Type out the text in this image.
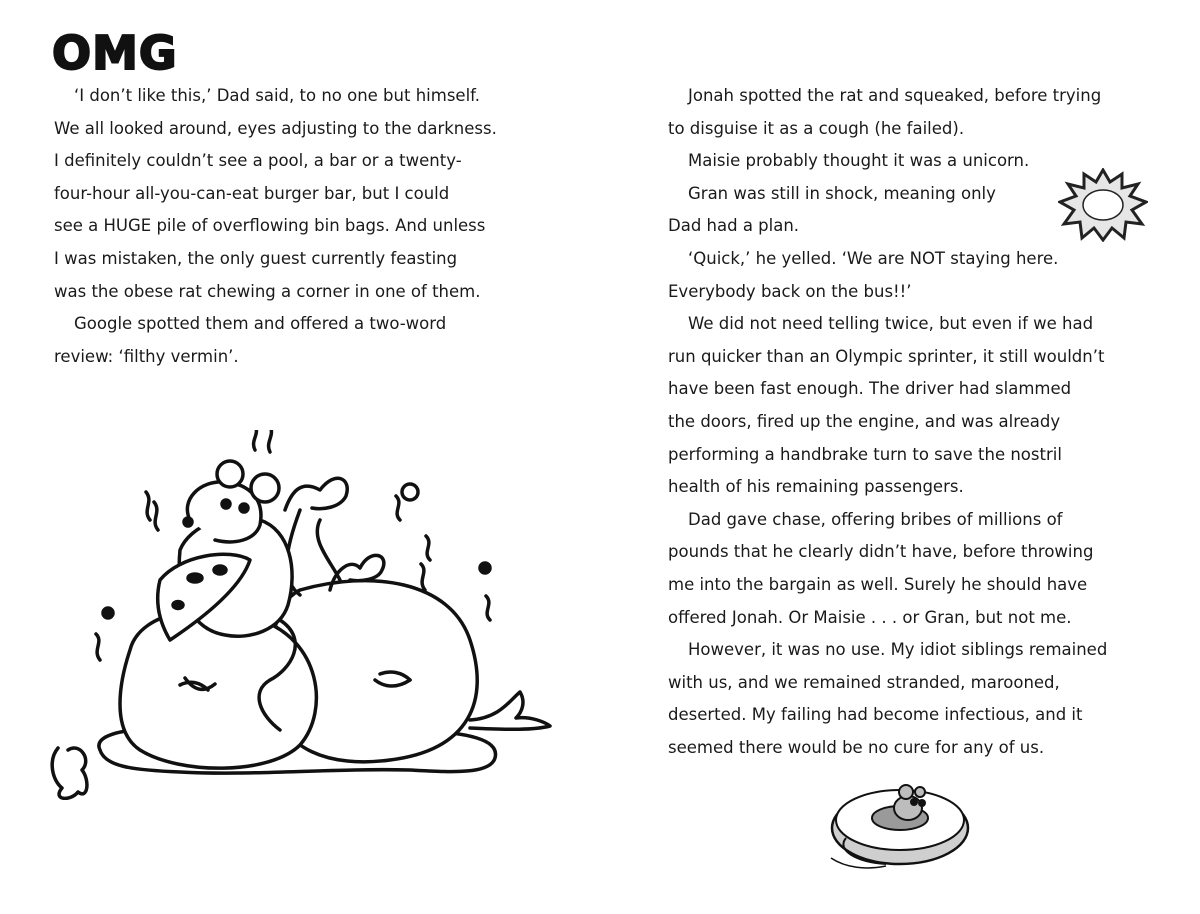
OMG
‘I don’t like this,’ Dad said, to no one but himself.
We all looked around, eyes adjusting to the darkness.
I definitely couldn’t see a pool, a bar or a twenty-
four-hour all-you-can-eat burger bar, but I could
see a HUGE pile of overflowing bin bags. And unless
I was mistaken, the only guest currently feasting
was the obese rat chewing a corner in one of them.
Google spotted them and offered a two-word
review: ‘filthy vermin’.
Jonah spotted the rat and squeaked, before trying
to disguise it as a cough (he failed).
Maisie probably thought it was a unicorn.
Gran was still in shock, meaning only
Dad had a plan.
‘Quick,’ he yelled. ‘We are NOT staying here.
Everybody back on the bus!!’
We did not need telling twice, but even if we had
run quicker than an Olympic sprinter, it still wouldn’t
have been fast enough. The driver had slammed
the doors, fired up the engine, and was already
performing a handbrake turn to save the nostril
health of his remaining passengers.
Dad gave chase, offering bribes of millions of
pounds that he clearly didn’t have, before throwing
me into the bargain as well. Surely he should have
offered Jonah. Or Maisie . . . or Gran, but not me.
However, it was no use. My idiot siblings remained
with us, and we remained stranded, marooned,
deserted. My failing had become infectious, and it
seemed there would be no cure for any of us.
